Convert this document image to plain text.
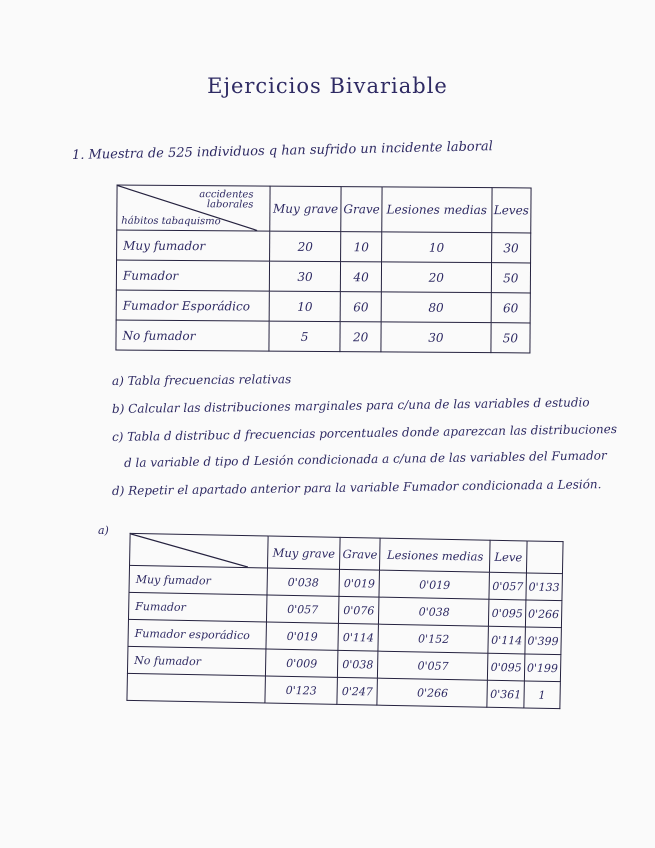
Ejercicios Bivariable
1. Muestra de 525 individuos q han sufrido un incidente laboral
accidentes
laborales
hábitos tabaquismo	Muy grave	Grave	Lesiones medias	Leves
Muy fumador	20	10	10	30
Fumador	30	40	20	50
Fumador Esporádico	10	60	80	60
No fumador	5	20	30	50
a) Tabla frecuencias relativas
b) Calcular las distribuciones marginales para c/una de las variables d estudio
c) Tabla d distribuc d frecuencias porcentuales donde aparezcan las distribuciones
d la variable d tipo d Lesión condicionada a c/una de las variables del Fumador
d) Repetir el apartado anterior para la variable Fumador condicionada a Lesión.
a)
	Muy grave	Grave	Lesiones medias	Leve	
Muy fumador	0'038	0'019	0'019	0'057	0'133
Fumador	0'057	0'076	0'038	0'095	0'266
Fumador esporádico	0'019	0'114	0'152	0'114	0'399
No fumador	0'009	0'038	0'057	0'095	0'199
	0'123	0'247	0'266	0'361	1
